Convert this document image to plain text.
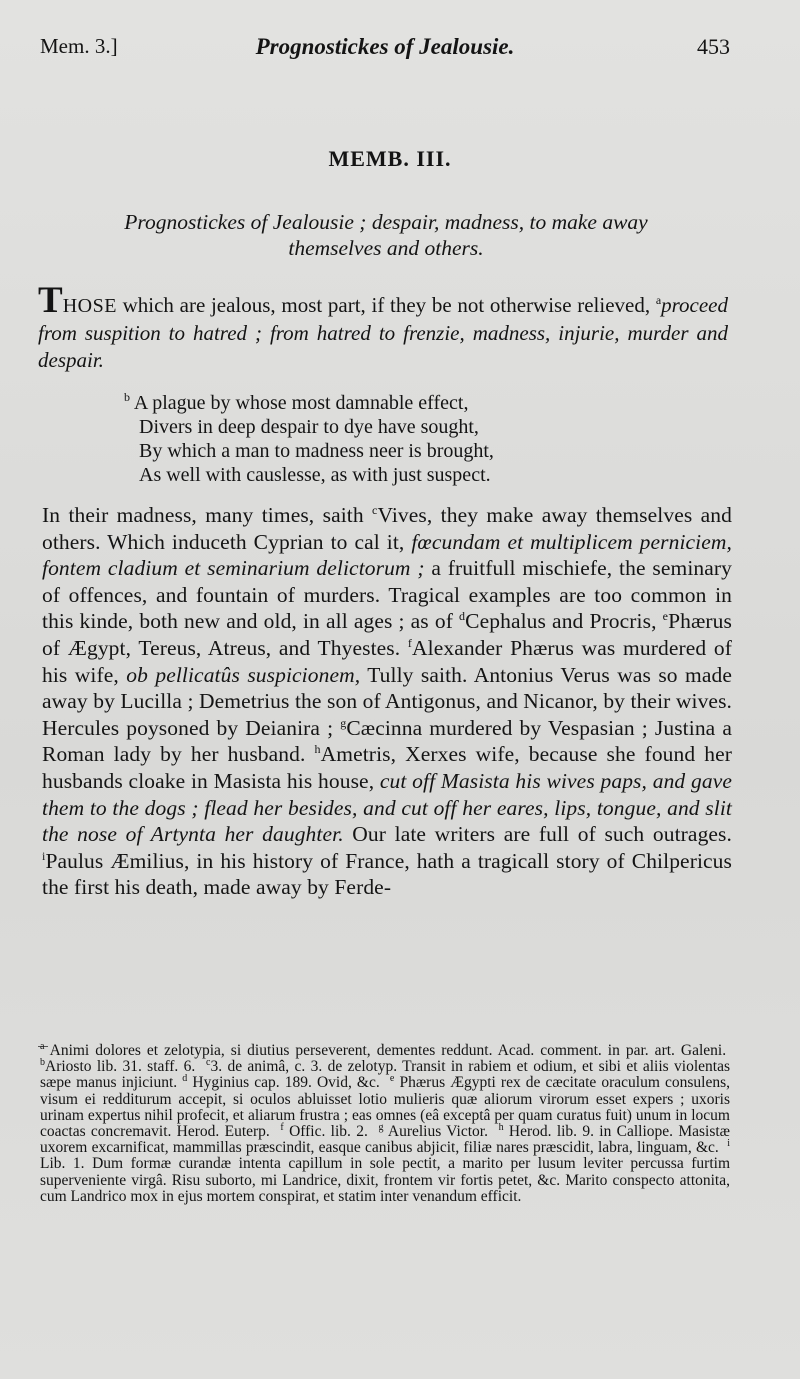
Mem. 3.]	Prognostickes of Jealousie.	453
MEMB. III.
Prognostickes of Jealousie ; despair, madness, to make away
themselves and others.
THOSE which are jealous, most part, if they be not otherwise relieved, $^a$proceed from suspition to hatred ; from hatred to frenzie, madness, injurie, murder and despair.
$^b$ A plague by whose most damnable effect,
Divers in deep despair to dye have sought,
By which a man to madness neer is brought,
As well with causlesse, as with just suspect.
In their madness, many times, saith $^c$Vives, they make away themselves and others. Which induceth Cyprian to cal it, fœcundam et multiplicem perniciem, fontem cladium et seminarium delictorum ; a fruitfull mischiefe, the seminary of offences, and fountain of murders. Tragical examples are too common in this kinde, both new and old, in all ages ; as of $^d$Cephalus and Procris, $^e$Phærus of Ægypt, Tereus, Atreus, and Thyestes. $^f$Alexander Phærus was murdered of his wife, ob pellicatûs suspicionem, Tully saith. Antonius Verus was so made away by Lucilla ; Demetrius the son of Antigonus, and Nicanor, by their wives. Hercules poysoned by Deianira ; $^g$Cæcinna murdered by Vespasian ; Justina a Roman lady by her husband. $^h$Ametris, Xerxes wife, because she found her husbands cloake in Masista his house, cut off Masista his wives paps, and gave them to the dogs ; flead her besides, and cut off her eares, lips, tongue, and slit the nose of Artynta her daughter. Our late writers are full of such outrages. $^i$Paulus Æmilius, in his history of France, hath a tragicall story of Chilpericus the first his death, made away by Ferde-
$^a$ Animi dolores et zelotypia, si diutius perseverent, dementes reddunt. Acad. comment. in par. art. Galeni.  $^b$Ariosto lib. 31. staff. 6. $^c$3. de animâ, c. 3. de zelotyp. Transit in rabiem et odium, et sibi et aliis violentas sæpe manus injiciunt. $^d$ Hyginius cap. 189. Ovid, &c. $^e$ Phærus Ægypti rex de cæcitate oraculum consulens, visum ei redditurum accepit, si oculos abluisset lotio mulieris quæ aliorum virorum esset expers ; uxoris urinam expertus nihil profecit, et aliarum frustra ; eas omnes (eâ exceptâ per quam curatus fuit) unum in locum coactas concremavit. Herod. Euterp. $^f$ Offic. lib. 2. $^g$ Aurelius Victor. $^h$ Herod. lib. 9. in Calliope. Masistæ uxorem excarnificat, mammillas præscindit, easque canibus abjicit, filiæ nares præscidit, labra, linguam, &c. $^i$ Lib. 1. Dum formæ curandæ intenta capillum in sole pectit, a marito per lusum leviter percussa furtim superveniente virgâ. Risu suborto, mi Landrice, dixit, frontem vir fortis petet, &c. Marito conspecto attonita, cum Landrico mox in ejus mortem conspirat, et statim inter venandum efficit.
